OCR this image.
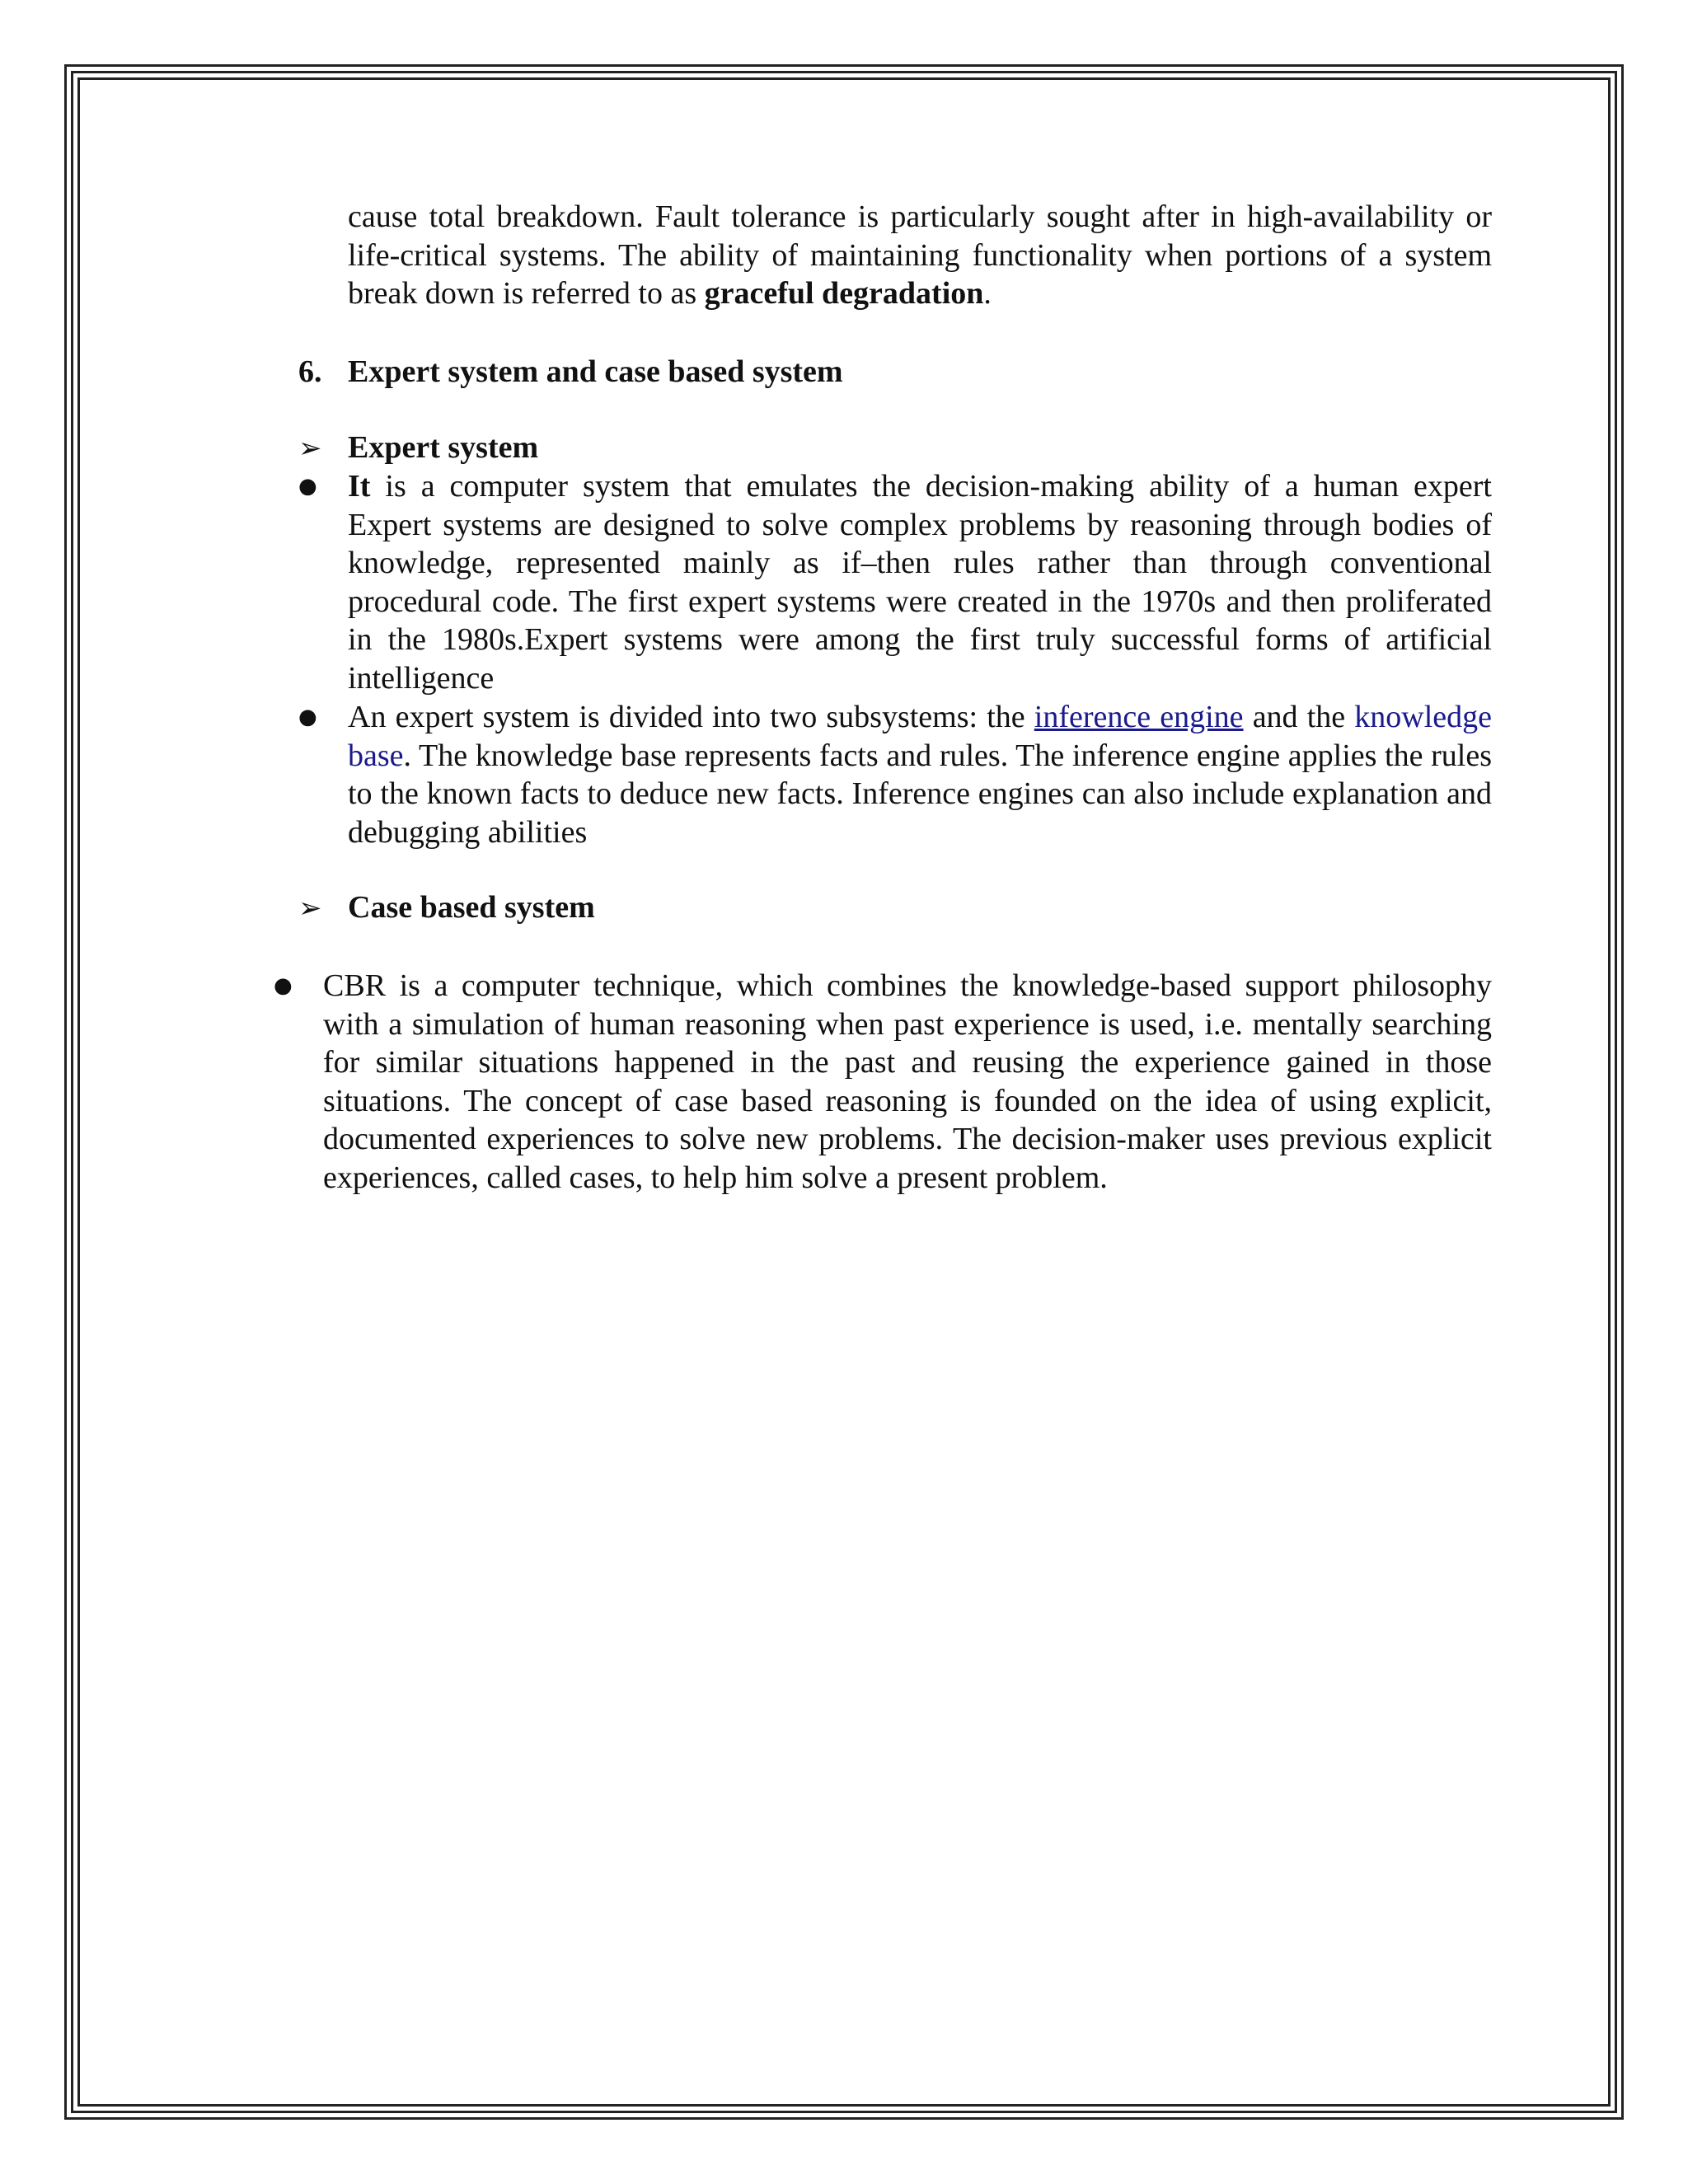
cause total breakdown. Fault tolerance is particularly sought after in high-availability or life-critical systems. The ability of maintaining functionality when portions of a system break down is referred to as graceful degradation.

6. Expert system and case based system
➢ Expert system
● It is a computer system that emulates the decision-making ability of a human expert Expert systems are designed to solve complex problems by reasoning through bodies of knowledge, represented mainly as if–then rules rather than through conventional procedural code. The first expert systems were created in the 1970s and then proliferated in the 1980s.Expert systems were among the first truly successful forms of artificial intelligence

● An expert system is divided into two subsystems: the inference engine and the knowledge base. The knowledge base represents facts and rules. The inference engine applies the rules to the known facts to deduce new facts. Inference engines can also include explanation and debugging abilities

➢ Case based system
● CBR is a computer technique, which combines the knowledge-based support philosophy with a simulation of human reasoning when past experience is used, i.e. mentally searching for similar situations happened in the past and reusing the experience gained in those situations. The concept of case based reasoning is founded on the idea of using explicit, documented experiences to solve new problems. The decision-maker uses previous explicit experiences, called cases, to help him solve a present problem.
